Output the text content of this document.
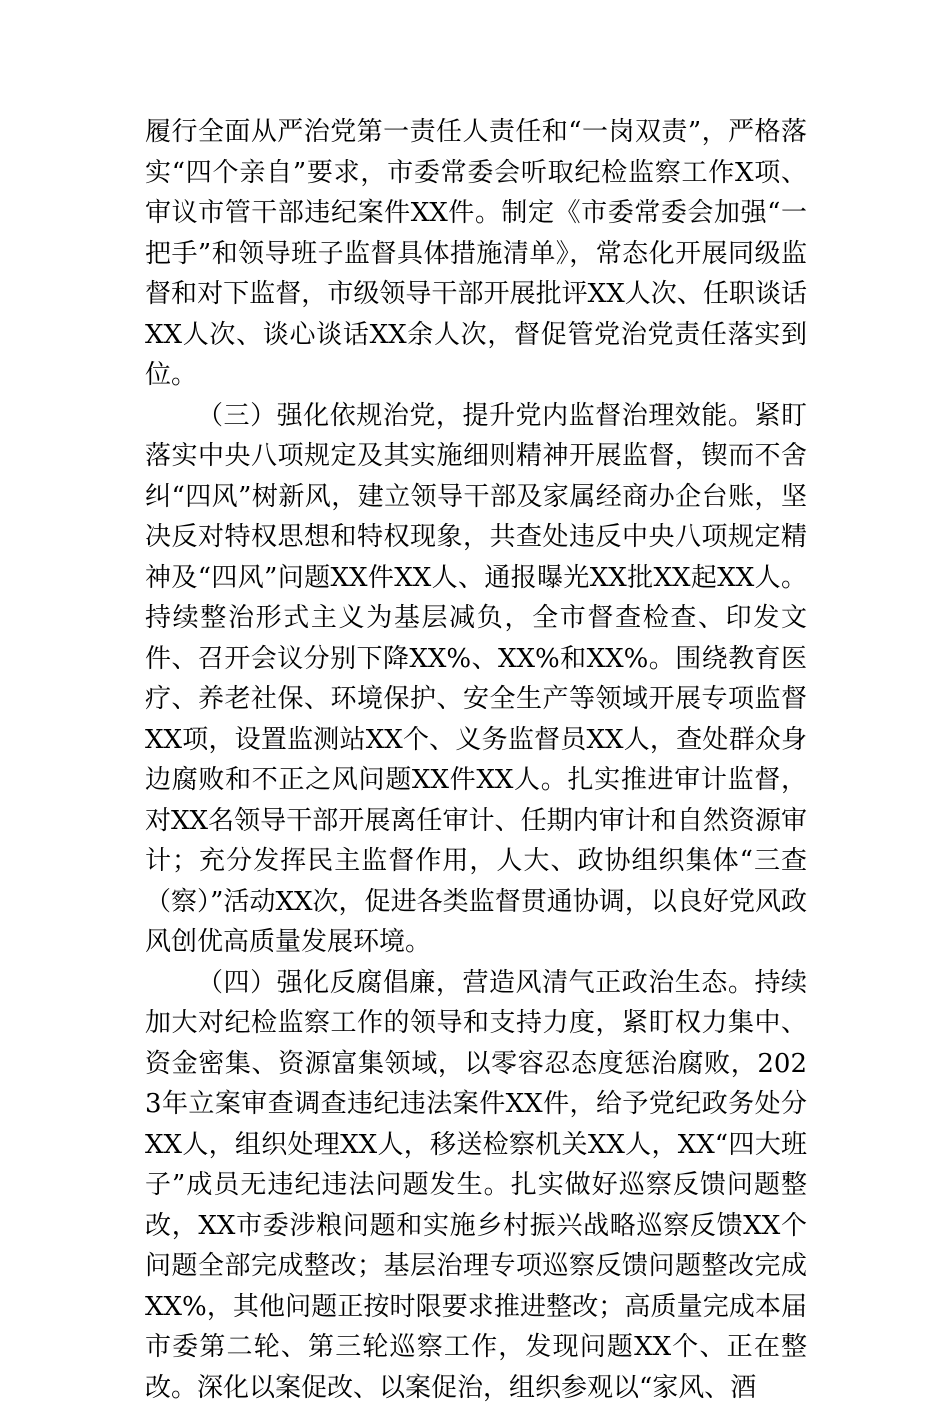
履行全面从严治党第一责任人责任和“一岗双责”，严格落实“四个亲自”要求，市委常委会听取纪检监察工作X项、审议市管干部违纪案件XX件。制定《市委常委会加强“一把手”和领导班子监督具体措施清单》，常态化开展同级监督和对下监督，市级领导干部开展批评XX人次、任职谈话XX人次、谈心谈话XX余人次，督促管党治党责任落实到位。

（三）强化依规治党，提升党内监督治理效能。紧盯落实中央八项规定及其实施细则精神开展监督，锲而不舍纠“四风”树新风，建立领导干部及家属经商办企台账，坚决反对特权思想和特权现象，共查处违反中央八项规定精神及“四风”问题XX件XX人、通报曝光XX批XX起XX人。持续整治形式主义为基层减负，全市督查检查、印发文件、召开会议分别下降XX%、XX%和XX%。围绕教育医疗、养老社保、环境保护、安全生产等领域开展专项监督XX项，设置监测站XX个、义务监督员XX人，查处群众身边腐败和不正之风问题XX件XX人。扎实推进审计监督，对XX名领导干部开展离任审计、任期内审计和自然资源审计；充分发挥民主监督作用，人大、政协组织集体“三查（察）”活动XX次，促进各类监督贯通协调，以良好党风政风创优高质量发展环境。

（四）强化反腐倡廉，营造风清气正政治生态。持续加大对纪检监察工作的领导和支持力度，紧盯权力集中、资金密集、资源富集领域，以零容忍态度惩治腐败，2023年立案审查调查违纪违法案件XX件，给予党纪政务处分XX人，组织处理XX人，移送检察机关XX人，XX“四大班子”成员无违纪违法问题发生。扎实做好巡察反馈问题整改，XX市委涉粮问题和实施乡村振兴战略巡察反馈XX个问题全部完成整改；基层治理专项巡察反馈问题整改完成XX%，其他问题正按时限要求推进整改；高质量完成本届市委第二轮、第三轮巡察工作，发现问题XX个、正在整改。深化以案促改、以案促治，组织参观以“家风、酒
